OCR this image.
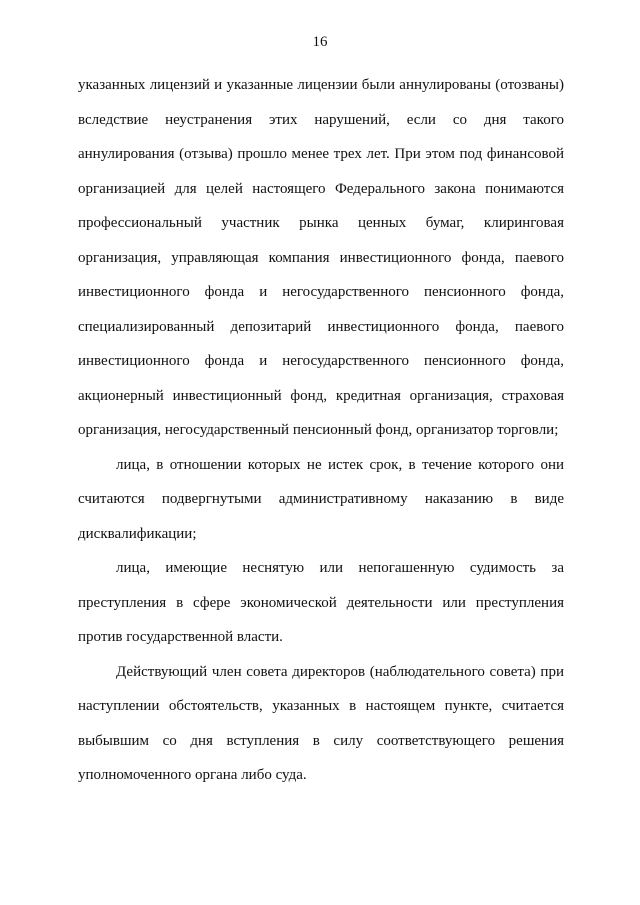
16

указанных лицензий и указанные лицензии были аннулированы (отозваны) вследствие неустранения этих нарушений, если со дня такого аннулирования (отзыва) прошло менее трех лет. При этом под финансовой организацией для целей настоящего Федерального закона понимаются профессиональный участник рынка ценных бумаг, клиринговая организация, управляющая компания инвестиционного фонда, паевого инвестиционного фонда и негосударственного пенсионного фонда, специализированный депозитарий инвестиционного фонда, паевого инвестиционного фонда и негосударственного пенсионного фонда, акционерный инвестиционный фонд, кредитная организация, страховая организация, негосударственный пенсионный фонд, организатор торговли;

лица, в отношении которых не истек срок, в течение которого они считаются подвергнутыми административному наказанию в виде дисквалификации;

лица, имеющие неснятую или непогашенную судимость за преступления в сфере экономической деятельности или преступления против государственной власти.

Действующий член совета директоров (наблюдательного совета) при наступлении обстоятельств, указанных в настоящем пункте, считается выбывшим со дня вступления в силу соответствующего решения уполномоченного органа либо суда.
